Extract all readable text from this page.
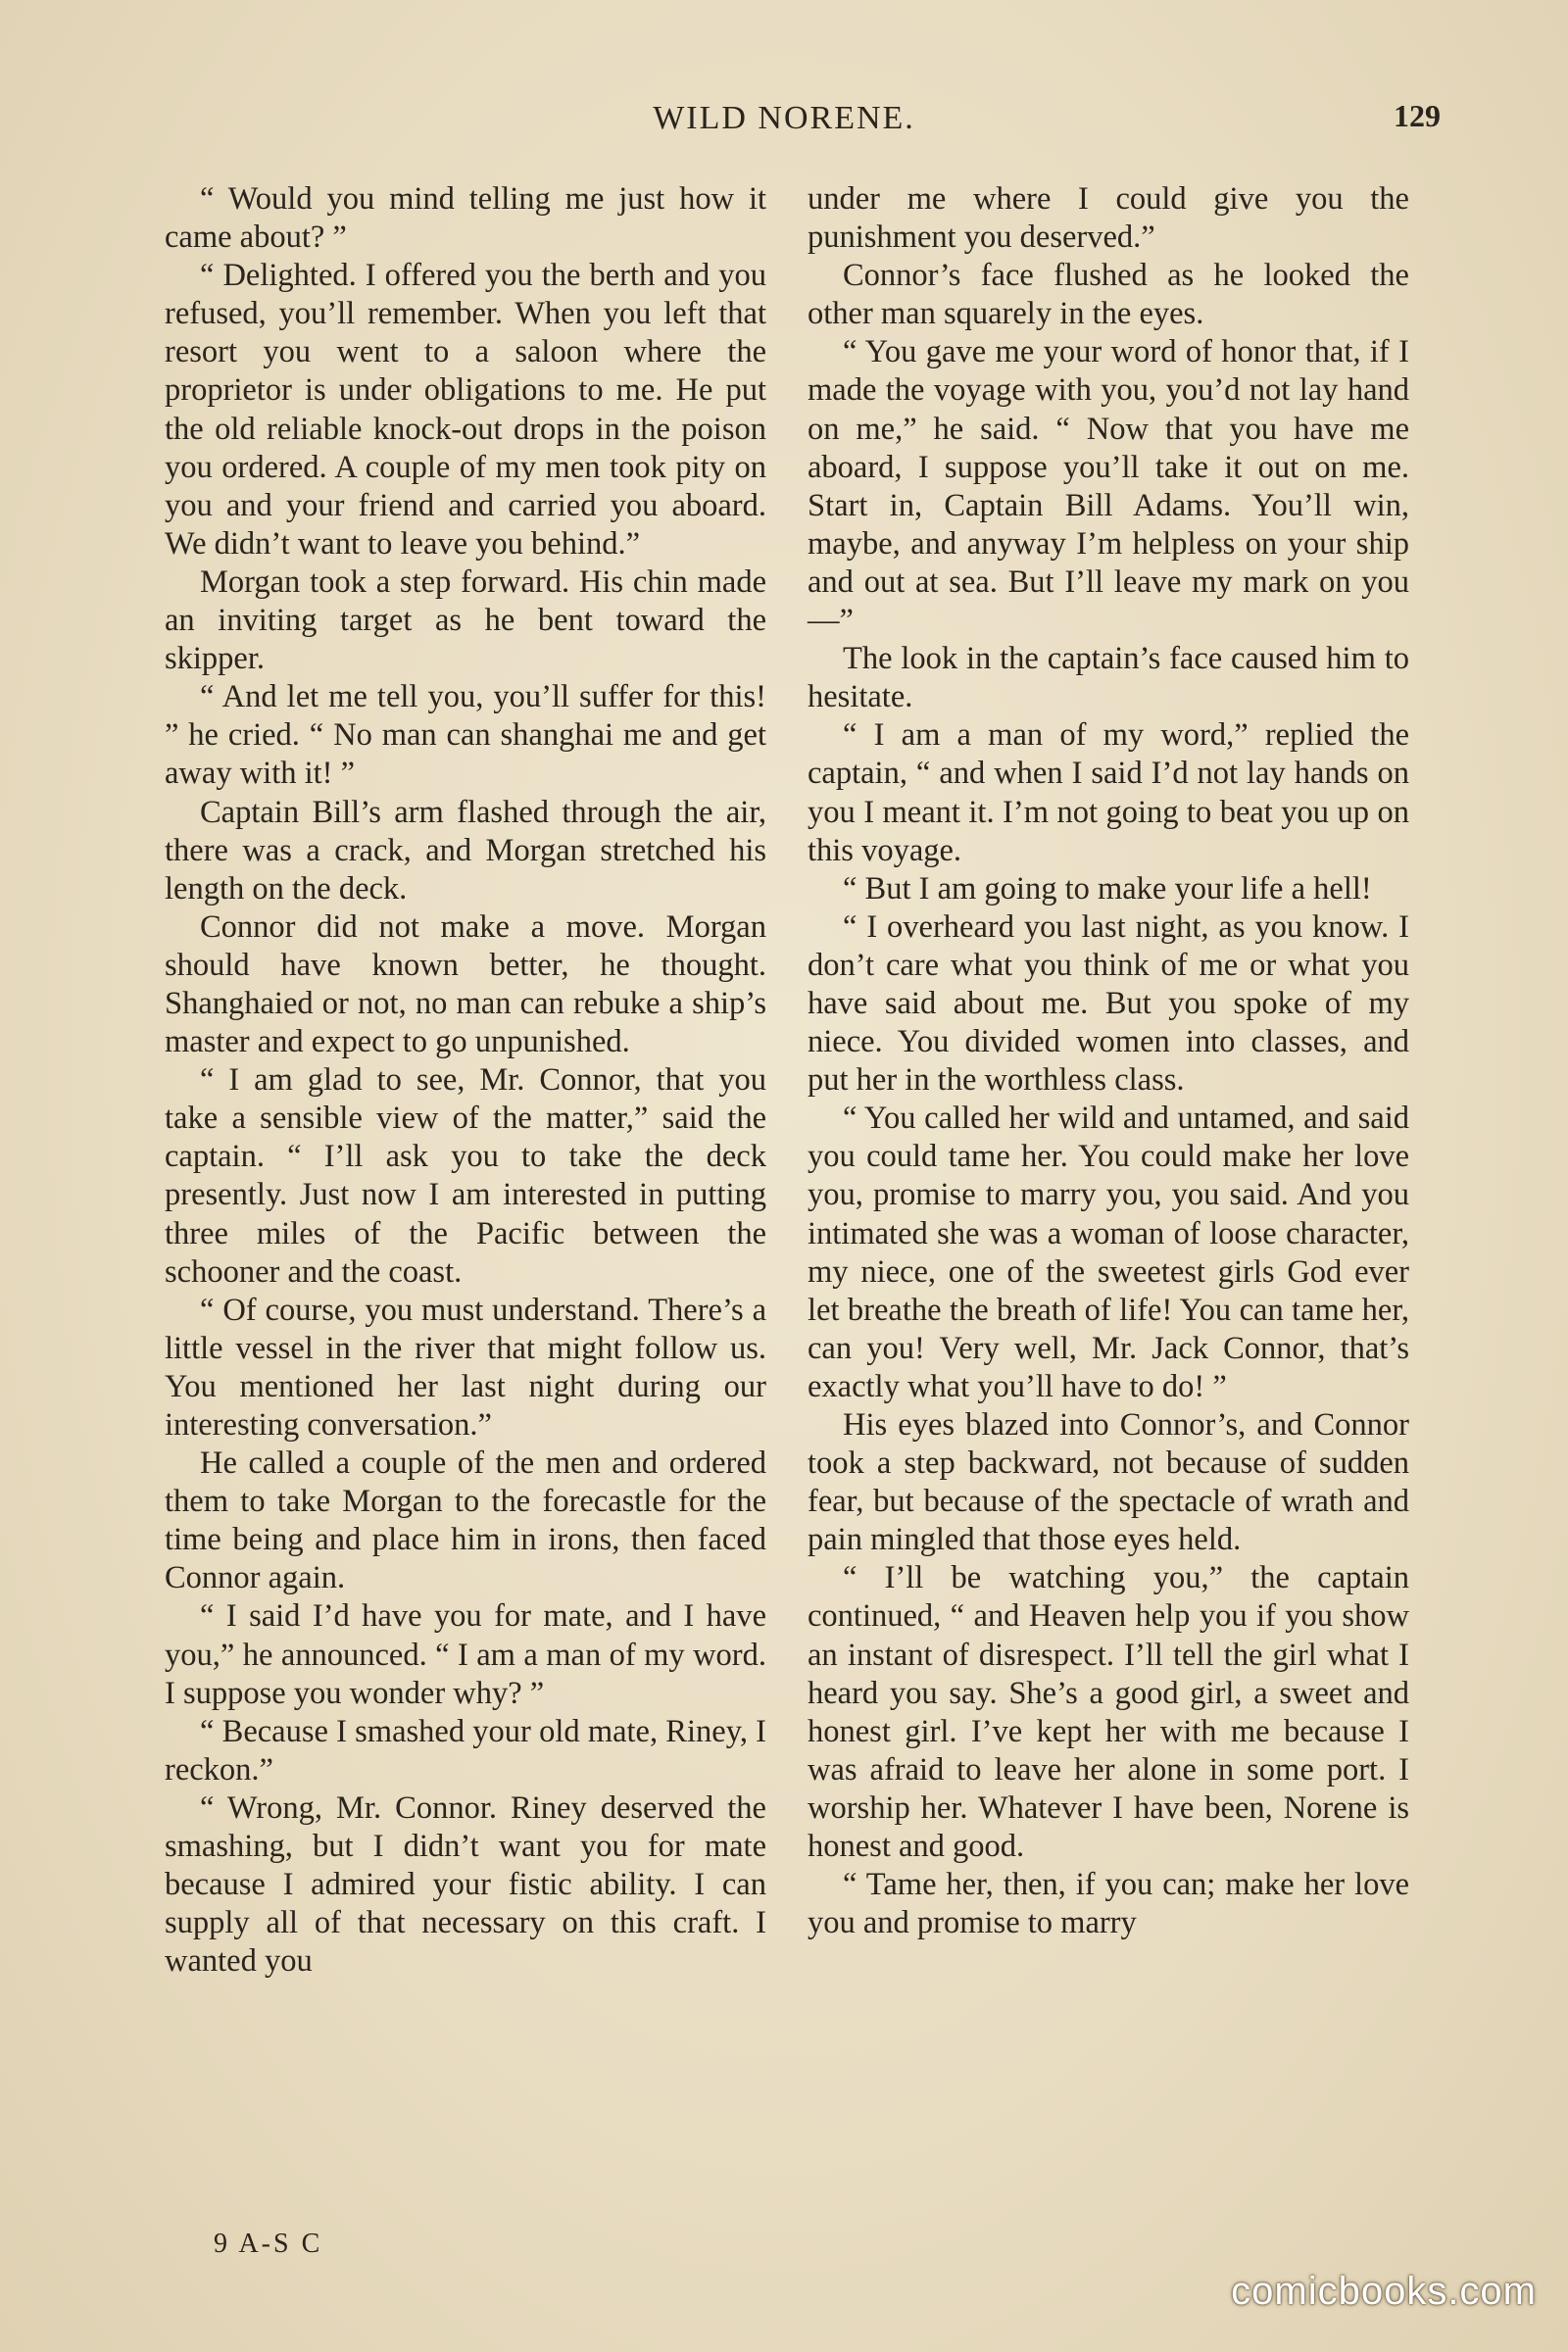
WILD NORENE.	129

“ Would you mind telling me just how it came about? ”

“ Delighted. I offered you the berth and you refused, you’ll remember. When you left that resort you went to a saloon where the proprietor is under obligations to me. He put the old reliable knock-out drops in the poison you ordered. A couple of my men took pity on you and your friend and carried you aboard. We didn’t want to leave you behind.”

Morgan took a step forward. His chin made an inviting target as he bent toward the skipper.

“ And let me tell you, you’ll suffer for this! ” he cried. “ No man can shanghai me and get away with it! ”

Captain Bill’s arm flashed through the air, there was a crack, and Morgan stretched his length on the deck.

Connor did not make a move. Morgan should have known better, he thought. Shanghaied or not, no man can rebuke a ship’s master and expect to go unpunished.

“ I am glad to see, Mr. Connor, that you take a sensible view of the matter,” said the captain. “ I’ll ask you to take the deck presently. Just now I am interested in putting three miles of the Pacific between the schooner and the coast.

“ Of course, you must understand. There’s a little vessel in the river that might follow us. You mentioned her last night during our interesting conversation.”

He called a couple of the men and ordered them to take Morgan to the forecastle for the time being and place him in irons, then faced Connor again.

“ I said I’d have you for mate, and I have you,” he announced. “ I am a man of my word. I suppose you wonder why? ”

“ Because I smashed your old mate, Riney, I reckon.”

“ Wrong, Mr. Connor. Riney deserved the smashing, but I didn’t want you for mate because I admired your fistic ability. I can supply all of that necessary on this craft. I wanted you

under me where I could give you the punishment you deserved.”

Connor’s face flushed as he looked the other man squarely in the eyes.

“ You gave me your word of honor that, if I made the voyage with you, you’d not lay hand on me,” he said. “ Now that you have me aboard, I suppose you’ll take it out on me. Start in, Captain Bill Adams. You’ll win, maybe, and anyway I’m helpless on your ship and out at sea. But I’ll leave my mark on you—”

The look in the captain’s face caused him to hesitate.

“ I am a man of my word,” replied the captain, “ and when I said I’d not lay hands on you I meant it. I’m not going to beat you up on this voyage.

“ But I am going to make your life a hell!

“ I overheard you last night, as you know. I don’t care what you think of me or what you have said about me. But you spoke of my niece. You divided women into classes, and put her in the worthless class.

“ You called her wild and untamed, and said you could tame her. You could make her love you, promise to marry you, you said. And you intimated she was a woman of loose character, my niece, one of the sweetest girls God ever let breathe the breath of life! You can tame her, can you! Very well, Mr. Jack Connor, that’s exactly what you’ll have to do! ”

His eyes blazed into Connor’s, and Connor took a step backward, not because of sudden fear, but because of the spectacle of wrath and pain mingled that those eyes held.

“ I’ll be watching you,” the captain continued, “ and Heaven help you if you show an instant of disrespect. I’ll tell the girl what I heard you say. She’s a good girl, a sweet and honest girl. I’ve kept her with me because I was afraid to leave her alone in some port. I worship her. Whatever I have been, Norene is honest and good.

“ Tame her, then, if you can; make her love you and promise to marry

9 A-S C
comicbooks.com
